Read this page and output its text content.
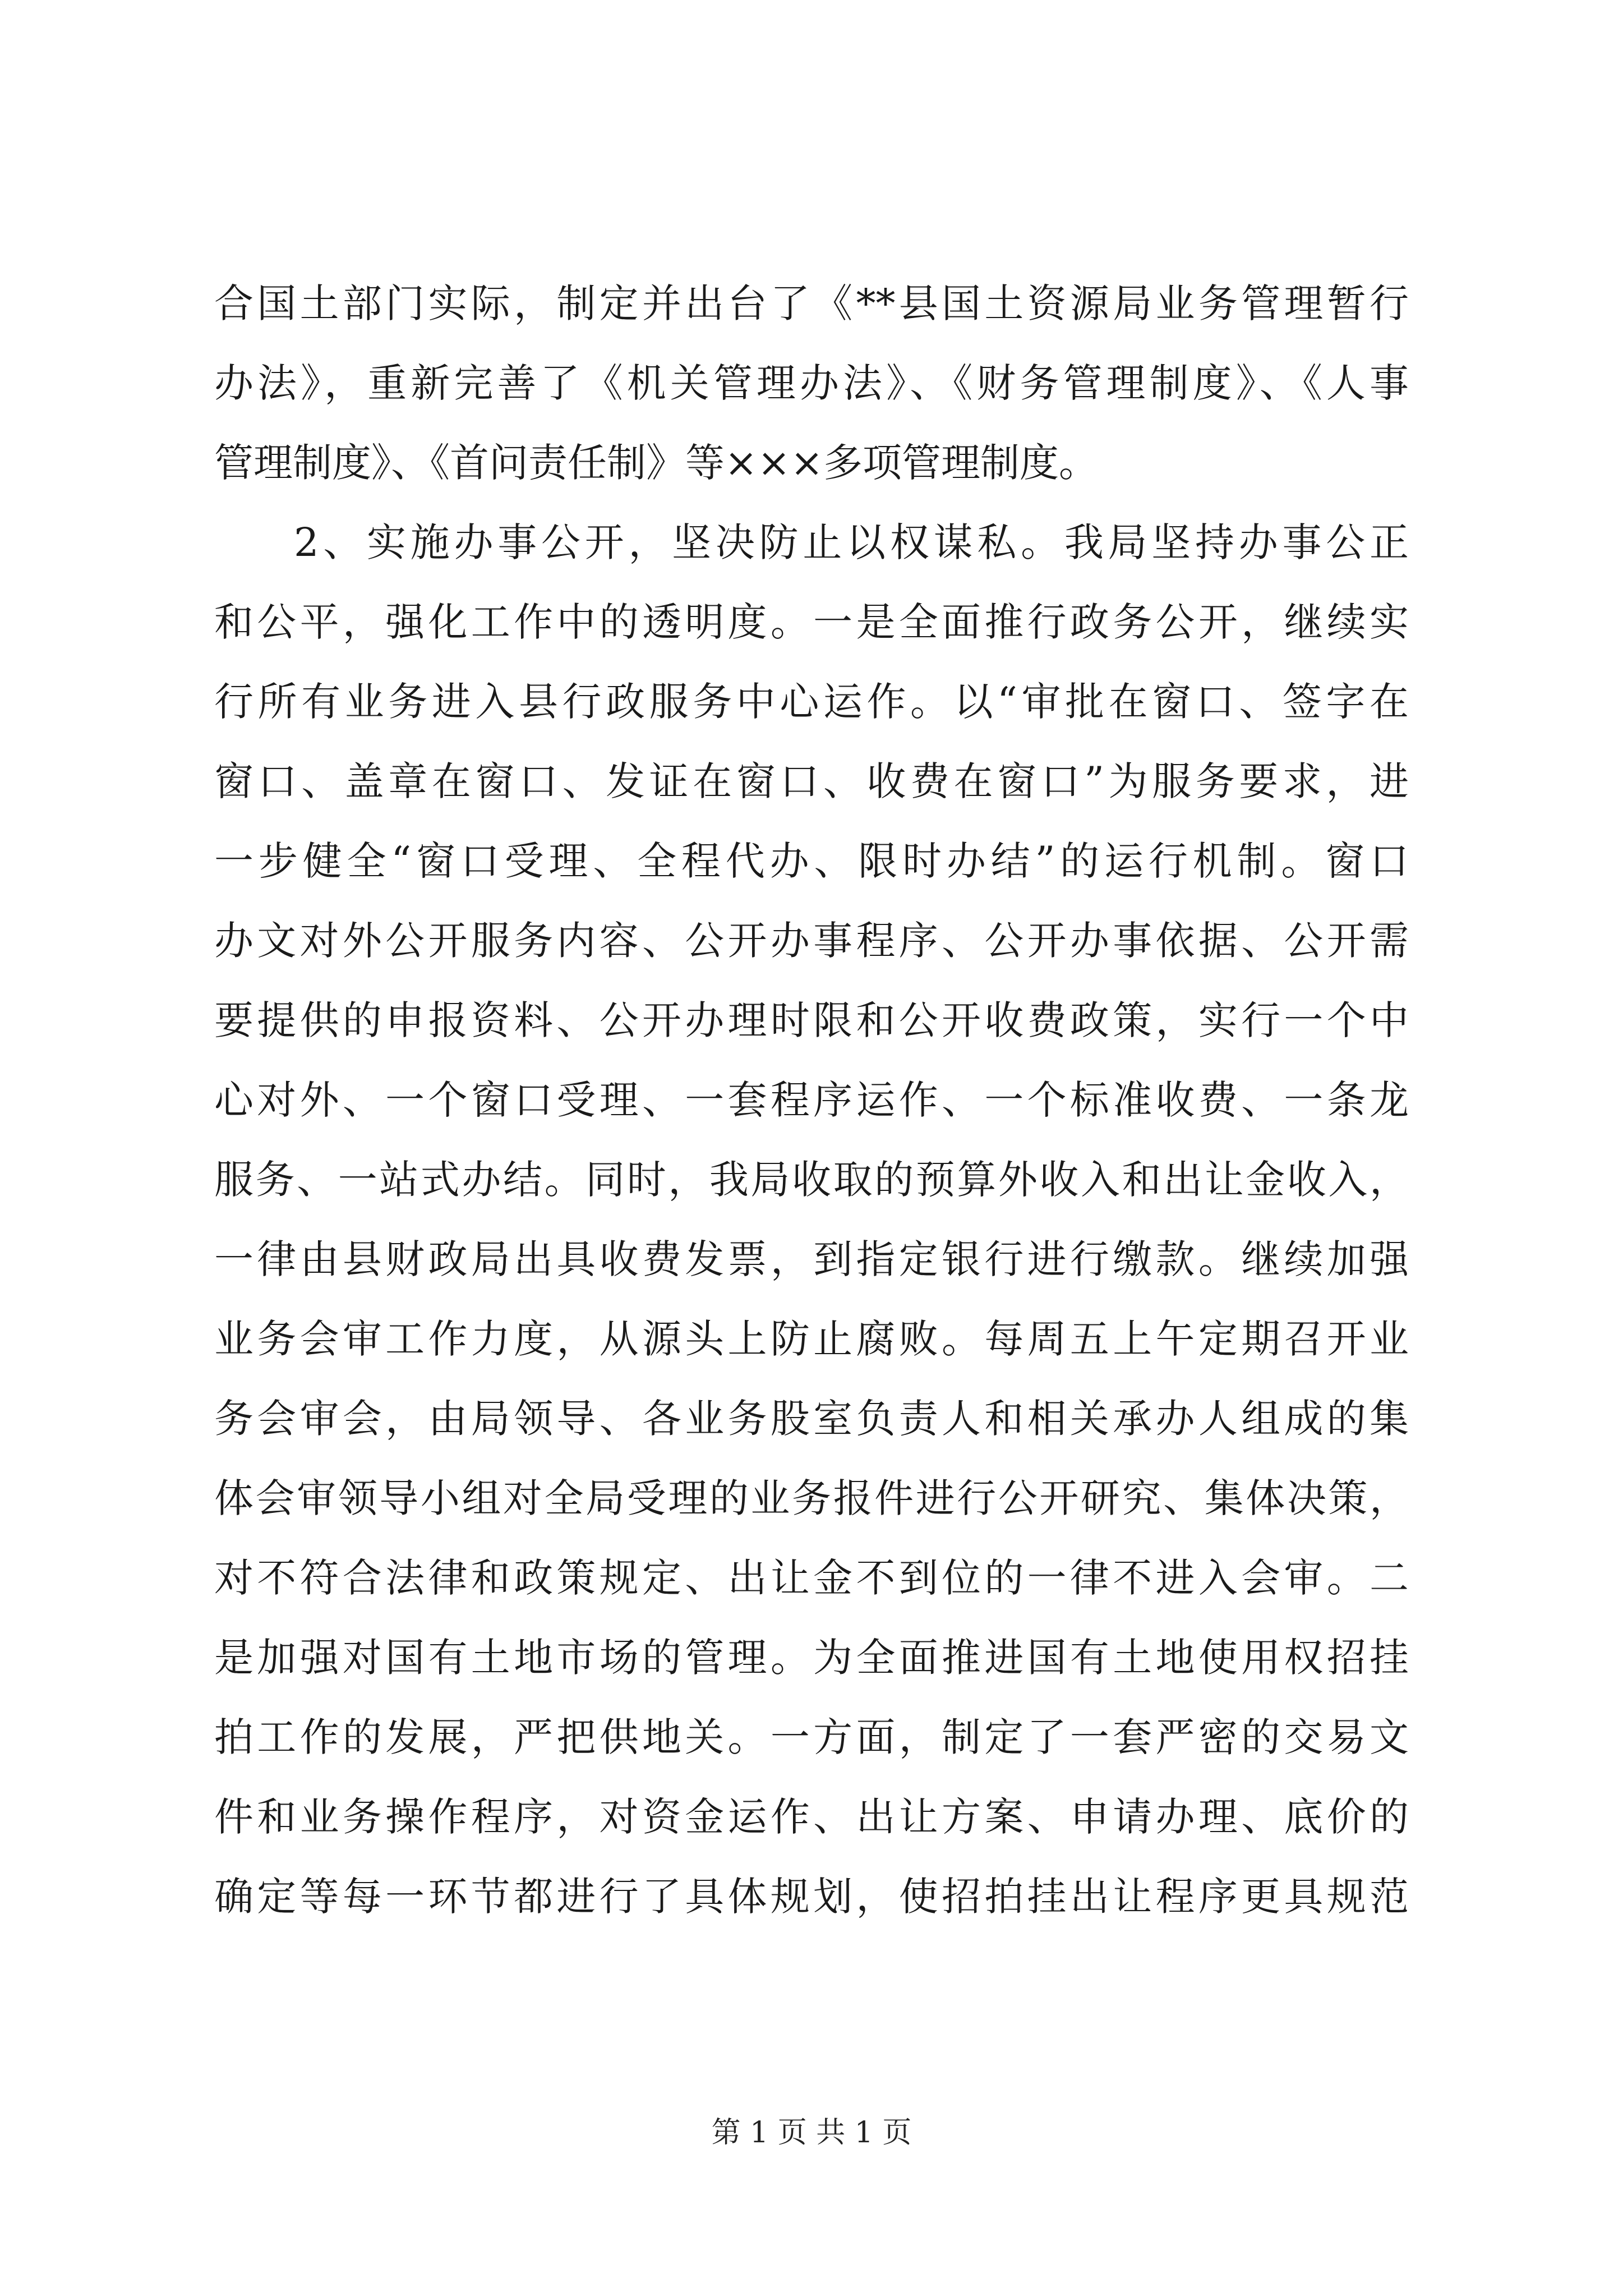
合国土部门实际，制定并出台了《**县国土资源局业务管理暂行
办法》，重新完善了《机关管理办法》、《财务管理制度》、《人事
管理制度》、《首问责任制》等×××多项管理制度。
2、实施办事公开，坚决防止以权谋私。我局坚持办事公正
和公平，强化工作中的透明度。一是全面推行政务公开，继续实
行所有业务进入县行政服务中心运作。以“审批在窗口、签字在
窗口、盖章在窗口、发证在窗口、收费在窗口”为服务要求，进
一步健全“窗口受理、全程代办、限时办结”的运行机制。窗口
办文对外公开服务内容、公开办事程序、公开办事依据、公开需
要提供的申报资料、公开办理时限和公开收费政策，实行一个中
心对外、一个窗口受理、一套程序运作、一个标准收费、一条龙
服务、一站式办结。同时，我局收取的预算外收入和出让金收入，
一律由县财政局出具收费发票，到指定银行进行缴款。继续加强
业务会审工作力度，从源头上防止腐败。每周五上午定期召开业
务会审会，由局领导、各业务股室负责人和相关承办人组成的集
体会审领导小组对全局受理的业务报件进行公开研究、集体决策，
对不符合法律和政策规定、出让金不到位的一律不进入会审。二
是加强对国有土地市场的管理。为全面推进国有土地使用权招挂
拍工作的发展，严把供地关。一方面，制定了一套严密的交易文
件和业务操作程序，对资金运作、出让方案、申请办理、底价的
确定等每一环节都进行了具体规划，使招拍挂出让程序更具规范
第 1 页 共 1 页
